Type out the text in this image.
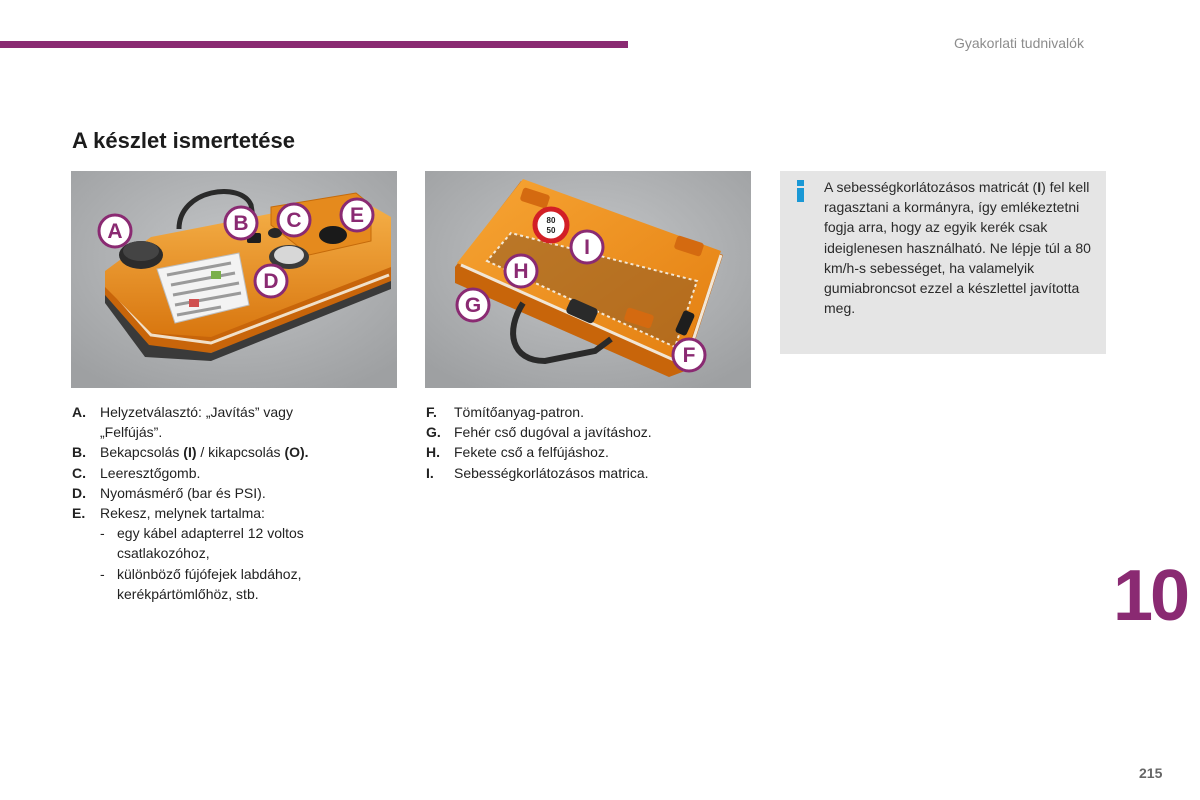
Gyakorlati tudnivalók
A készlet ismertetése
A	B C
D
E	80
50
I
H
G
F

A sebességkorlátozásos matricát (I) fel kell ragasztani a kormányra, így emlékeztetni fogja arra, hogy az egyik kerék csak ideiglenesen használható. Ne lépje túl a 80 km/h-s sebességet, ha valamelyik gumiabroncsot ezzel a készlettel javította meg.

A.	Helyzetválasztó: „Javítás” vagy
„Felfújás”.
B.	Bekapcsolás (I) / kikapcsolás (O).
C.	Leeresztőgomb.
D.	Nyomásmérő (bar és PSI).
E.	Rekesz, melynek tartalma:
- egy kábel adapterrel 12 voltos
csatlakozóhoz,
- különböző fújófejek labdához,
kerékpártömlőhöz, stb.
F.	Tömítőanyag-patron.
G. Fehér cső dugóval a javításhoz.
H.	Fekete cső a felfújáshoz.
I.	Sebességkorlátozásos matrica.
10
215
